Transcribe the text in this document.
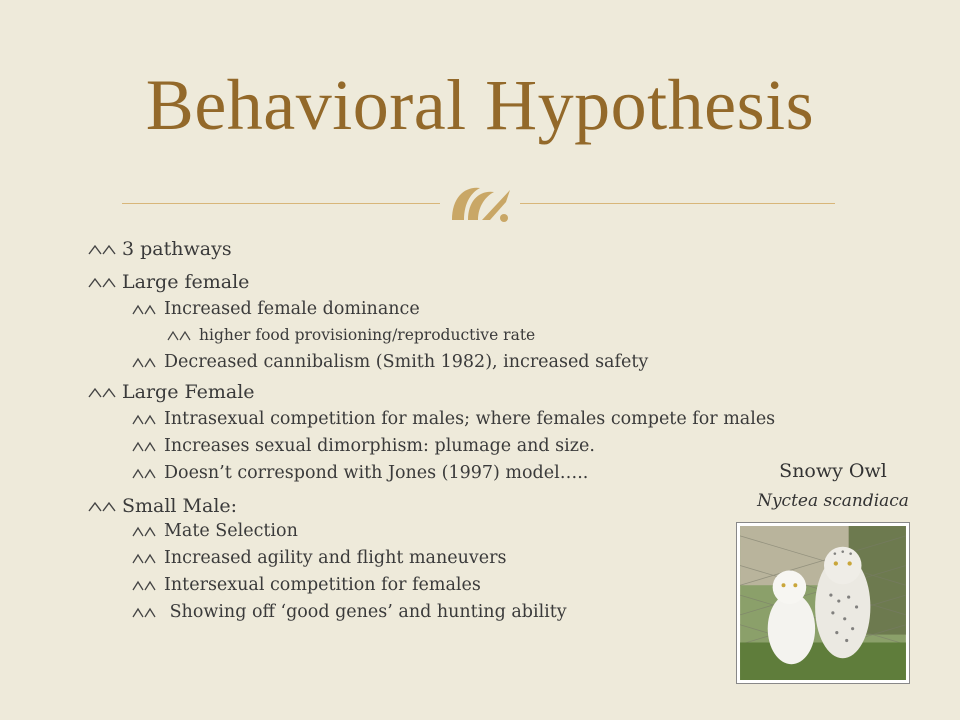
Behavioral Hypothesis
3 pathways
Large female
Increased female dominance
higher food provisioning/reproductive rate
Decreased cannibalism (Smith 1982), increased safety
Large Female
Intrasexual competition for males; where females compete for males
Increases sexual dimorphism: plumage and size.
Doesn’t correspond with Jones (1997) model…..
Small Male:
Mate Selection
Increased agility and flight maneuvers
Intersexual competition for females
Showing off ‘good genes’ and hunting ability
Snowy Owl
Nyctea scandiaca
